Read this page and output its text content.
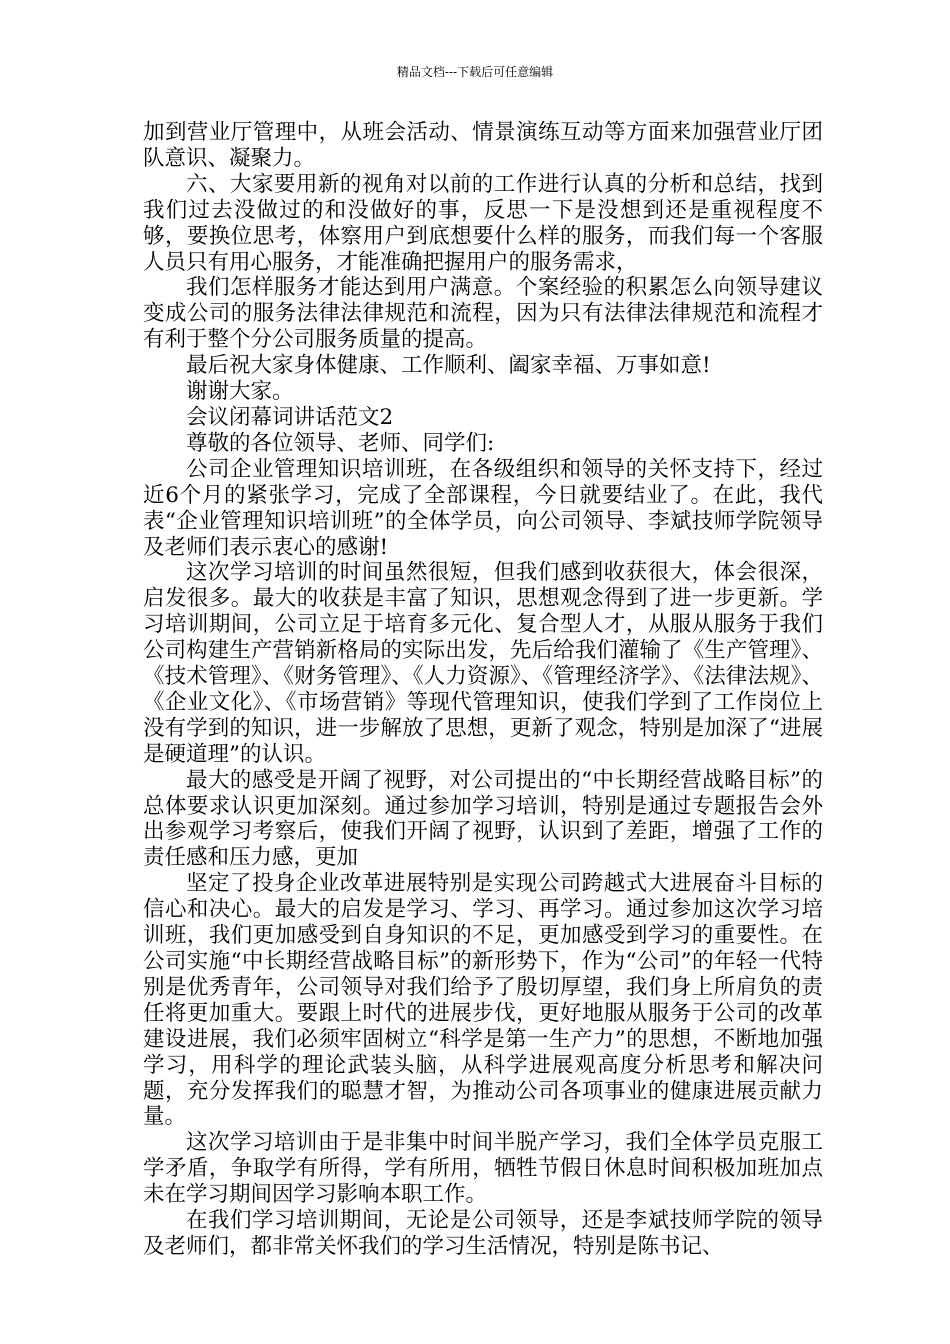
精品文档---下载后可任意编辑

加到营业厅管理中，从班会活动、情景演练互动等方面来加强营业厅团队意识、凝聚力。

六、大家要用新的视角对以前的工作进行认真的分析和总结，找到我们过去没做过的和没做好的事，反思一下是没想到还是重视程度不够，要换位思考，体察用户到底想要什么样的服务，而我们每一个客服人员只有用心服务，才能准确把握用户的服务需求，

我们怎样服务才能达到用户满意。个案经验的积累怎么向领导建议变成公司的服务法律法律规范和流程，因为只有法律法律规范和流程才有利于整个分公司服务质量的提高。

最后祝大家身体健康、工作顺利、阖家幸福、万事如意!

谢谢大家。

会议闭幕词讲话范文2

尊敬的各位领导、老师、同学们:

公司企业管理知识培训班，在各级组织和领导的关怀支持下，经过近6个月的紧张学习，完成了全部课程，今日就要结业了。在此，我代表“企业管理知识培训班”的全体学员，向公司领导、李斌技师学院领导及老师们表示衷心的感谢!

这次学习培训的时间虽然很短，但我们感到收获很大，体会很深，启发很多。最大的收获是丰富了知识，思想观念得到了进一步更新。学习培训期间，公司立足于培育多元化、复合型人才，从服从服务于我们公司构建生产营销新格局的实际出发，先后给我们灌输了《生产管理》、《技术管理》、《财务管理》、《人力资源》、《管理经济学》、《法律法规》、《企业文化》、《市场营销》等现代管理知识，使我们学到了工作岗位上没有学到的知识，进一步解放了思想，更新了观念，特别是加深了“进展是硬道理”的认识。

最大的感受是开阔了视野，对公司提出的“中长期经营战略目标”的总体要求认识更加深刻。通过参加学习培训，特别是通过专题报告会外出参观学习考察后，使我们开阔了视野，认识到了差距，增强了工作的责任感和压力感，更加

坚定了投身企业改革进展特别是实现公司跨越式大进展奋斗目标的信心和决心。最大的启发是学习、学习、再学习。通过参加这次学习培训班，我们更加感受到自身知识的不足，更加感受到学习的重要性。在公司实施“中长期经营战略目标”的新形势下，作为“公司”的年轻一代特别是优秀青年，公司领导对我们给予了殷切厚望，我们身上所肩负的责任将更加重大。要跟上时代的进展步伐，更好地服从服务于公司的改革建设进展，我们必须牢固树立“科学是第一生产力”的思想，不断地加强学习，用科学的理论武装头脑，从科学进展观高度分析思考和解决问题，充分发挥我们的聪慧才智，为推动公司各项事业的健康进展贡献力量。

这次学习培训由于是非集中时间半脱产学习，我们全体学员克服工学矛盾，争取学有所得，学有所用，牺牲节假日休息时间积极加班加点未在学习期间因学习影响本职工作。

在我们学习培训期间，无论是公司领导，还是李斌技师学院的领导及老师们，都非常关怀我们的学习生活情况，特别是陈书记、
